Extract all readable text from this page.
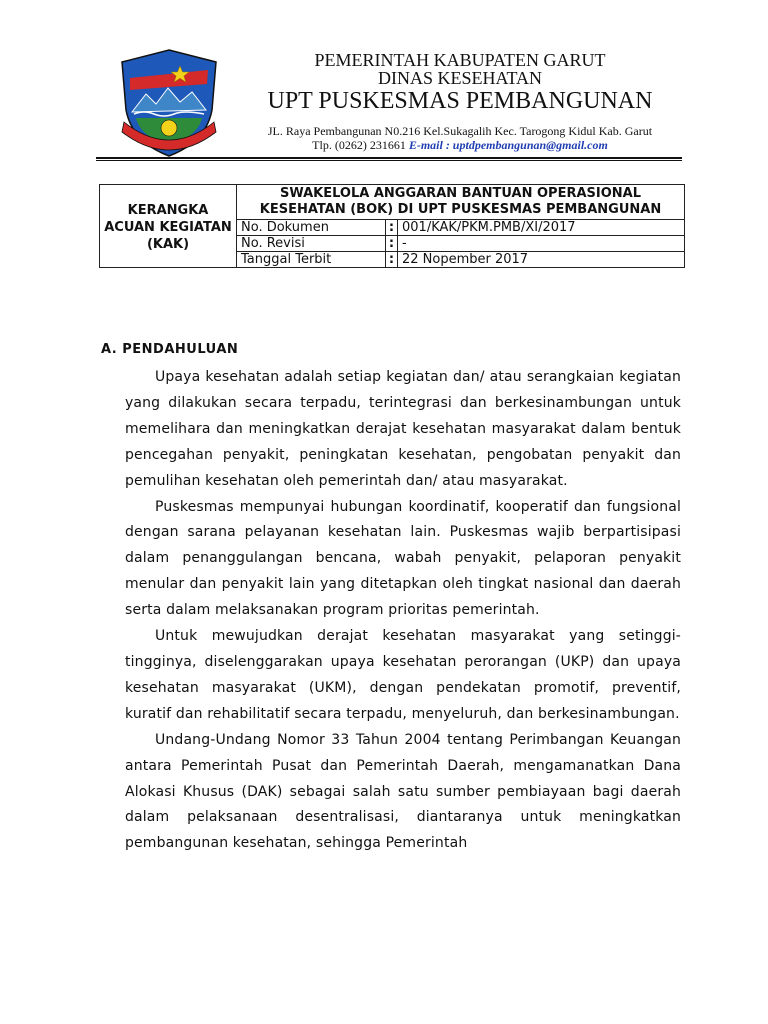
PEMERINTAH KABUPATEN GARUT
DINAS KESEHATAN
UPT PUSKESMAS PEMBANGUNAN
JL. Raya Pembangunan N0.216 Kel.Sukagalih Kec. Tarogong Kidul Kab. Garut
Tlp. (0262) 231661 E-mail : uptdpembangunan@gmail.com
KERANGKA ACUAN KEGIATAN (KAK)	SWAKELOLA ANGGARAN BANTUAN OPERASIONAL KESEHATAN (BOK) DI UPT PUSKESMAS PEMBANGUNAN		
	No. Dokumen	:	001/KAK/PKM.PMB/XI/2017
	No. Revisi	:	-
	Tanggal Terbit	:	22 Nopember 2017
A. PENDAHULUAN

Upaya kesehatan adalah setiap kegiatan dan/ atau serangkaian kegiatan yang dilakukan secara terpadu, terintegrasi dan berkesinambungan untuk memelihara dan meningkatkan derajat kesehatan masyarakat dalam bentuk pencegahan penyakit, peningkatan kesehatan, pengobatan penyakit dan pemulihan kesehatan oleh pemerintah dan/ atau masyarakat.

Puskesmas mempunyai hubungan koordinatif, kooperatif dan fungsional dengan sarana pelayanan kesehatan lain. Puskesmas wajib berpartisipasi dalam penanggulangan bencana, wabah penyakit, pelaporan penyakit menular dan penyakit lain yang ditetapkan oleh tingkat nasional dan daerah serta dalam melaksanakan program prioritas pemerintah.

Untuk mewujudkan derajat kesehatan masyarakat yang setinggi-tingginya, diselenggarakan upaya kesehatan perorangan (UKP) dan upaya kesehatan masyarakat (UKM), dengan pendekatan promotif, preventif, kuratif dan rehabilitatif secara terpadu, menyeluruh, dan berkesinambungan.

Undang-Undang Nomor 33 Tahun 2004 tentang Perimbangan Keuangan antara Pemerintah Pusat dan Pemerintah Daerah, mengamanatkan Dana Alokasi Khusus (DAK) sebagai salah satu sumber pembiayaan bagi daerah dalam pelaksanaan desentralisasi, diantaranya untuk meningkatkan pembangunan kesehatan, sehingga Pemerintah
